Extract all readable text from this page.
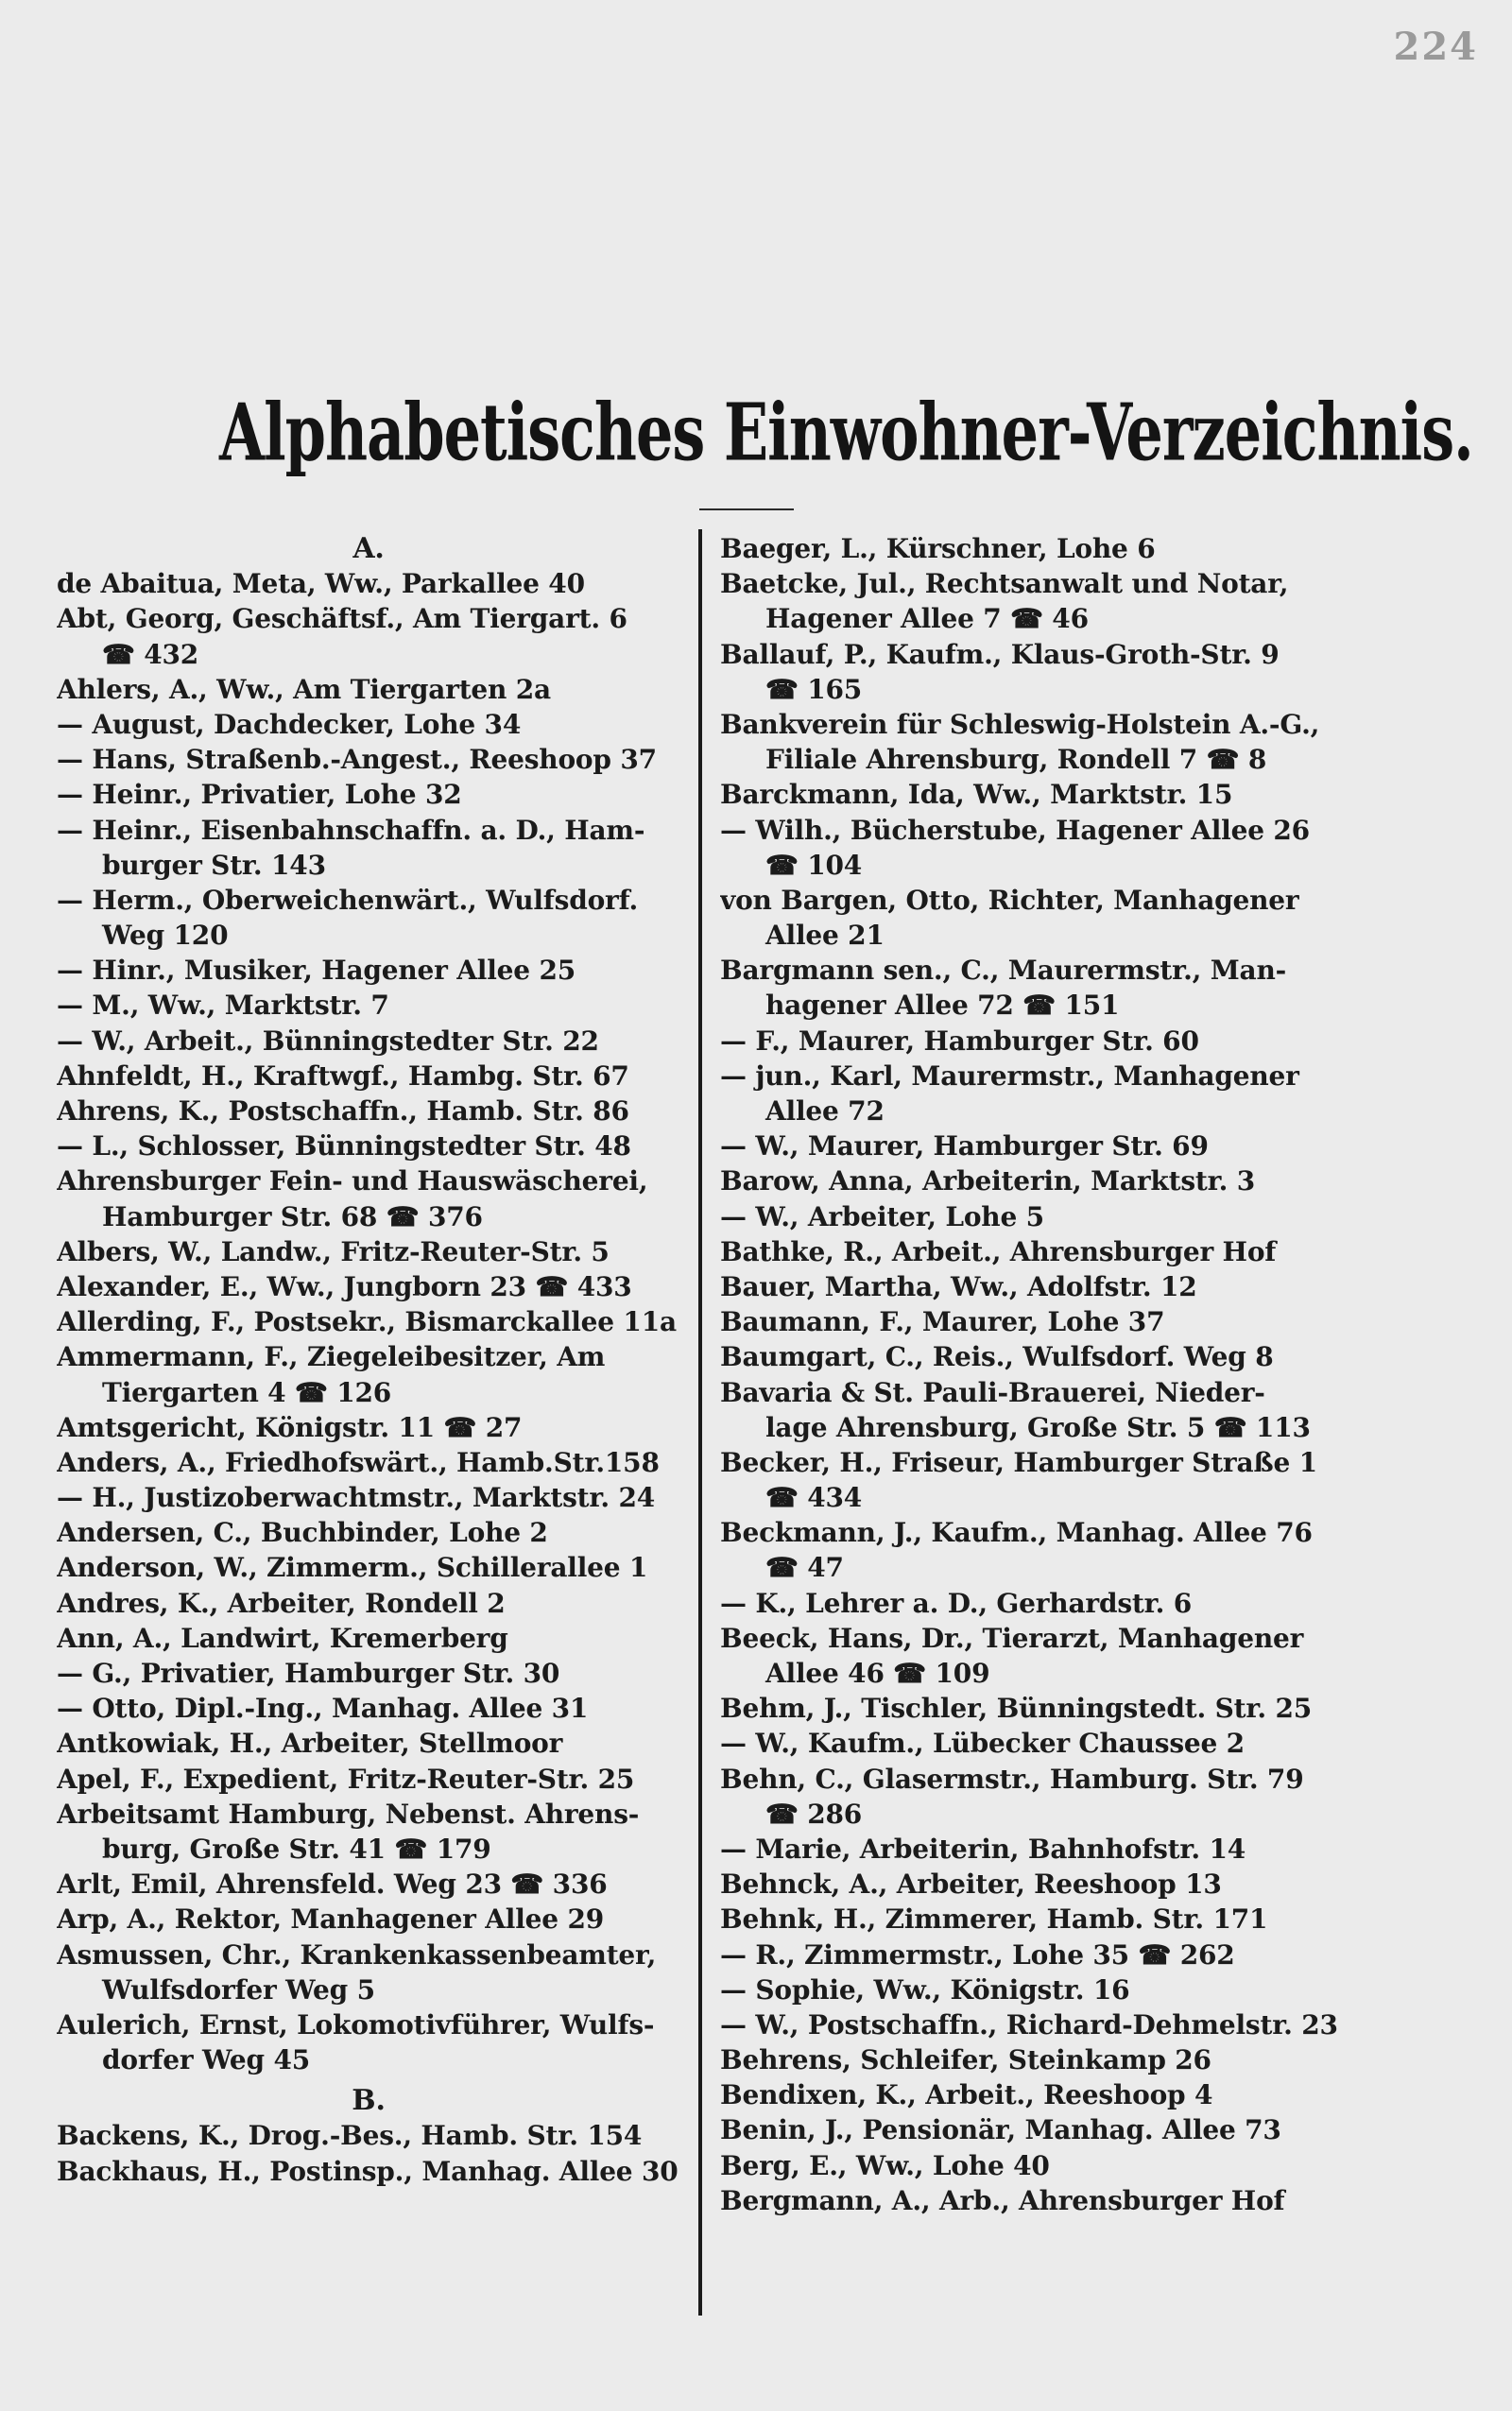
224
Alphabetisches Einwohner-Verzeichnis.
A.
de Abaitua, Meta, Ww., Parkallee 40
Abt, Georg, Geschäftsf., Am Tiergart. 6
☎ 432
Ahlers, A., Ww., Am Tiergarten 2a
— August, Dachdecker, Lohe 34
— Hans, Straßenb.-Angest., Reeshoop 37
— Heinr., Privatier, Lohe 32
— Heinr., Eisenbahnschaffn. a. D., Ham-
burger Str. 143
— Herm., Oberweichenwärt., Wulfsdorf.
Weg 120
— Hinr., Musiker, Hagener Allee 25
— M., Ww., Marktstr. 7
— W., Arbeit., Bünningstedter Str. 22
Ahnfeldt, H., Kraftwgf., Hambg. Str. 67
Ahrens, K., Postschaffn., Hamb. Str. 86
— L., Schlosser, Bünningstedter Str. 48
Ahrensburger Fein- und Hauswäscherei,
Hamburger Str. 68 ☎ 376
Albers, W., Landw., Fritz-Reuter-Str. 5
Alexander, E., Ww., Jungborn 23 ☎ 433
Allerding, F., Postsekr., Bismarckallee 11a
Ammermann, F., Ziegeleibesitzer, Am
Tiergarten 4 ☎ 126
Amtsgericht, Königstr. 11 ☎ 27
Anders, A., Friedhofswärt., Hamb.Str.158
— H., Justizoberwachtmstr., Marktstr. 24
Andersen, C., Buchbinder, Lohe 2
Anderson, W., Zimmerm., Schillerallee 1
Andres, K., Arbeiter, Rondell 2
Ann, A., Landwirt, Kremerberg
— G., Privatier, Hamburger Str. 30
— Otto, Dipl.-Ing., Manhag. Allee 31
Antkowiak, H., Arbeiter, Stellmoor
Apel, F., Expedient, Fritz-Reuter-Str. 25
Arbeitsamt Hamburg, Nebenst. Ahrens-
burg, Große Str. 41 ☎ 179
Arlt, Emil, Ahrensfeld. Weg 23 ☎ 336
Arp, A., Rektor, Manhagener Allee 29
Asmussen, Chr., Krankenkassenbeamter,
Wulfsdorfer Weg 5
Aulerich, Ernst, Lokomotivführer, Wulfs-
dorfer Weg 45
B.
Backens, K., Drog.-Bes., Hamb. Str. 154
Backhaus, H., Postinsp., Manhag. Allee 30
Baeger, L., Kürschner, Lohe 6
Baetcke, Jul., Rechtsanwalt und Notar,
Hagener Allee 7 ☎ 46
Ballauf, P., Kaufm., Klaus-Groth-Str. 9
☎ 165
Bankverein für Schleswig-Holstein A.-G.,
Filiale Ahrensburg, Rondell 7 ☎ 8
Barckmann, Ida, Ww., Marktstr. 15
— Wilh., Bücherstube, Hagener Allee 26
☎ 104
von Bargen, Otto, Richter, Manhagener
Allee 21
Bargmann sen., C., Maurermstr., Man-
hagener Allee 72 ☎ 151
— F., Maurer, Hamburger Str. 60
— jun., Karl, Maurermstr., Manhagener
Allee 72
— W., Maurer, Hamburger Str. 69
Barow, Anna, Arbeiterin, Marktstr. 3
— W., Arbeiter, Lohe 5
Bathke, R., Arbeit., Ahrensburger Hof
Bauer, Martha, Ww., Adolfstr. 12
Baumann, F., Maurer, Lohe 37
Baumgart, C., Reis., Wulfsdorf. Weg 8
Bavaria & St. Pauli-Brauerei, Nieder-
lage Ahrensburg, Große Str. 5 ☎ 113
Becker, H., Friseur, Hamburger Straße 1
☎ 434
Beckmann, J., Kaufm., Manhag. Allee 76
☎ 47
— K., Lehrer a. D., Gerhardstr. 6
Beeck, Hans, Dr., Tierarzt, Manhagener
Allee 46 ☎ 109
Behm, J., Tischler, Bünningstedt. Str. 25
— W., Kaufm., Lübecker Chaussee 2
Behn, C., Glasermstr., Hamburg. Str. 79
☎ 286
— Marie, Arbeiterin, Bahnhofstr. 14
Behnck, A., Arbeiter, Reeshoop 13
Behnk, H., Zimmerer, Hamb. Str. 171
— R., Zimmermstr., Lohe 35 ☎ 262
— Sophie, Ww., Königstr. 16
— W., Postschaffn., Richard-Dehmelstr. 23
Behrens, Schleifer, Steinkamp 26
Bendixen, K., Arbeit., Reeshoop 4
Benin, J., Pensionär, Manhag. Allee 73
Berg, E., Ww., Lohe 40
Bergmann, A., Arb., Ahrensburger Hof
